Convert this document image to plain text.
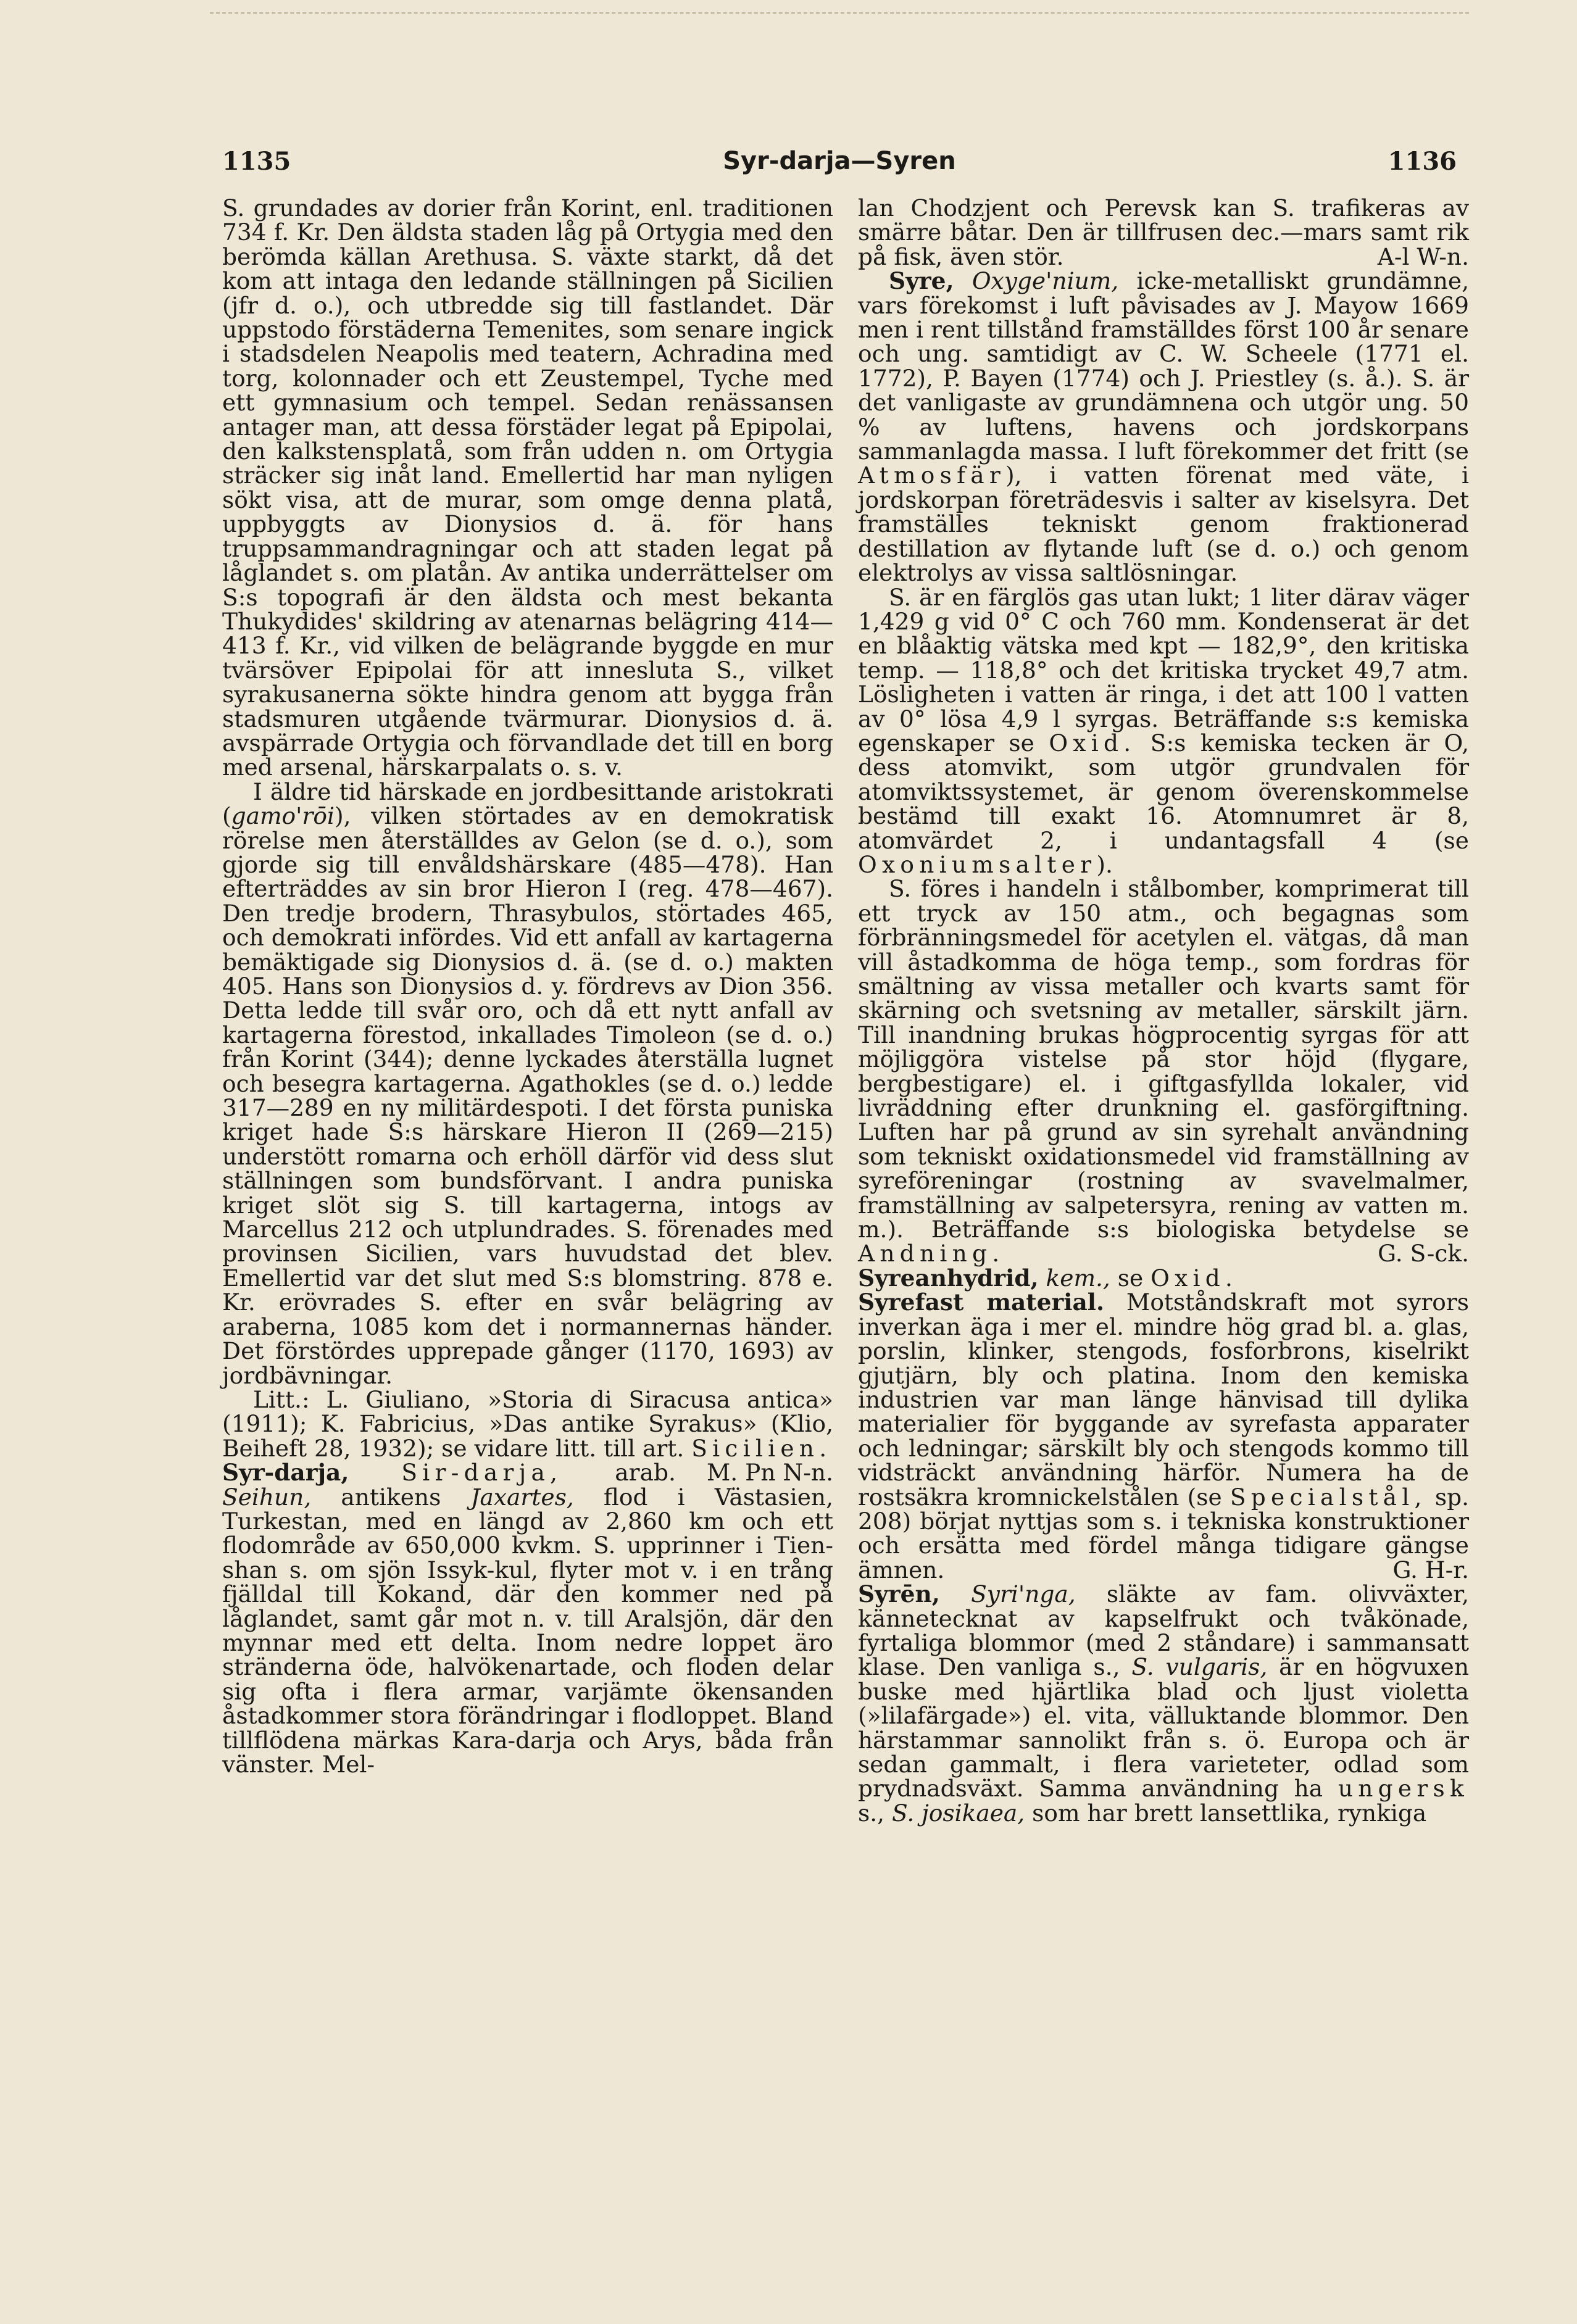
1135	Syr-darja—Syren	1136

S. grundades av dorier från Korint, enl. traditionen 734 f. Kr. Den äldsta staden låg på Ortygia med den berömda källan Arethusa. S. växte starkt, då det kom att intaga den ledande ställningen på Sicilien (jfr d. o.), och utbredde sig till fastlandet. Där uppstodo förstäderna Temenites, som senare ingick i stadsdelen Neapolis med teatern, Achradina med torg, kolonnader och ett Zeustempel, Tyche med ett gymnasium och tempel. Sedan renässansen antager man, att dessa förstäder legat på Epipolai, den kalkstensplatå, som från udden n. om Ortygia sträcker sig inåt land. Emellertid har man nyligen sökt visa, att de murar, som omge denna platå, uppbyggts av Dionysios d. ä. för hans truppsammandragningar och att staden legat på låglandet s. om platån. Av antika underrättelser om S:s topografi är den äldsta och mest bekanta Thukydides' skildring av atenarnas belägring 414—413 f. Kr., vid vilken de belägrande byggde en mur tvärsöver Epipolai för att innesluta S., vilket syrakusanerna sökte hindra genom att bygga från stadsmuren utgående tvärmurar. Dionysios d. ä. avspärrade Ortygia och förvandlade det till en borg med arsenal, härskarpalats o. s. v.

I äldre tid härskade en jordbesittande aristokrati (gamo'rōi), vilken störtades av en demokratisk rörelse men återställdes av Gelon (se d. o.), som gjorde sig till envåldshärskare (485—478). Han efterträddes av sin bror Hieron I (reg. 478—467). Den tredje brodern, Thrasybulos, störtades 465, och demokrati infördes. Vid ett anfall av kartagerna bemäktigade sig Dionysios d. ä. (se d. o.) makten 405. Hans son Dionysios d. y. fördrevs av Dion 356. Detta ledde till svår oro, och då ett nytt anfall av kartagerna förestod, inkallades Timoleon (se d. o.) från Korint (344); denne lyckades återställa lugnet och besegra kartagerna. Agathokles (se d. o.) ledde 317—289 en ny militärdespoti. I det första puniska kriget hade S:s härskare Hieron II (269—215) understött romarna och erhöll därför vid dess slut ställningen som bundsförvant. I andra puniska kriget slöt sig S. till kartagerna, intogs av Marcellus 212 och utplundrades. S. förenades med provinsen Sicilien, vars huvudstad det blev. Emellertid var det slut med S:s blomstring. 878 e. Kr. erövrades S. efter en svår belägring av araberna, 1085 kom det i normannernas händer. Det förstördes upprepade gånger (1170, 1693) av jordbävningar.

Litt.: L. Giuliano, »Storia di Siracusa antica» (1911); K. Fabricius, »Das antike Syrakus» (Klio, Beiheft 28, 1932); se vidare litt. till art. Sicilien.
M. Pn N-n.

Syr-darja, Sir-darja, arab. Seihun, antikens Jaxartes, flod i Västasien, Turkestan, med en längd av 2,860 km och ett flodområde av 650,000 kvkm. S. upprinner i Tien-shan s. om sjön Issyk-kul, flyter mot v. i en trång fjälldal till Kokand, där den kommer ned på låglandet, samt går mot n. v. till Aralsjön, där den mynnar med ett delta. Inom nedre loppet äro stränderna öde, halvökenartade, och floden delar sig ofta i flera armar, varjämte ökensanden åstadkommer stora förändringar i flodloppet. Bland tillflödena märkas Kara-darja och Arys, båda från vänster. Mel-

lan Chodzjent och Perevsk kan S. trafikeras av smärre båtar. Den är tillfrusen dec.—mars samt rik på fisk, även stör.	A-l W-n.

Syre, Oxyge'nium, icke-metalliskt grundämne, vars förekomst i luft påvisades av J. Mayow 1669 men i rent tillstånd framställdes först 100 år senare och ung. samtidigt av C. W. Scheele (1771 el. 1772), P. Bayen (1774) och J. Priestley (s. å.). S. är det vanligaste av grundämnena och utgör ung. 50 % av luftens, havens och jordskorpans sammanlagda massa. I luft förekommer det fritt (se Atmosfär), i vatten förenat med väte, i jordskorpan företrädesvis i salter av kiselsyra. Det framställes tekniskt genom fraktionerad destillation av flytande luft (se d. o.) och genom elektrolys av vissa saltlösningar.

S. är en färglös gas utan lukt; 1 liter därav väger 1,429 g vid 0° C och 760 mm. Kondenserat är det en blåaktig vätska med kpt — 182,9°, den kritiska temp. — 118,8° och det kritiska trycket 49,7 atm. Lösligheten i vatten är ringa, i det att 100 l vatten av 0° lösa 4,9 l syrgas. Beträffande s:s kemiska egenskaper se Oxid. S:s kemiska tecken är O, dess atomvikt, som utgör grundvalen för atomviktssystemet, är genom överenskommelse bestämd till exakt 16. Atomnumret är 8, atomvärdet 2, i undantagsfall 4 (se Oxoniumsalter).

S. föres i handeln i stålbomber, komprimerat till ett tryck av 150 atm., och begagnas som förbränningsmedel för acetylen el. vätgas, då man vill åstadkomma de höga temp., som fordras för smältning av vissa metaller och kvarts samt för skärning och svetsning av metaller, särskilt järn. Till inandning brukas högprocentig syrgas för att möjliggöra vistelse på stor höjd (flygare, bergbestigare) el. i giftgasfyllda lokaler, vid livräddning efter drunkning el. gasförgiftning. Luften har på grund av sin syrehalt användning som tekniskt oxidationsmedel vid framställning av syreföreningar (rostning av svavelmalmer, framställning av salpetersyra, rening av vatten m. m.). Beträffande s:s biologiska betydelse se Andning.	G. S-ck.

Syreanhydrid, kem., se Oxid.

Syrefast material. Motståndskraft mot syrors inverkan äga i mer el. mindre hög grad bl. a. glas, porslin, klinker, stengods, fosforbrons, kiselrikt gjutjärn, bly och platina. Inom den kemiska industrien var man länge hänvisad till dylika materialier för byggande av syrefasta apparater och ledningar; särskilt bly och stengods kommo till vidsträckt användning härför. Numera ha de rostsäkra kromnickelstålen (se Specialstål, sp. 208) börjat nyttjas som s. i tekniska konstruktioner och ersätta med fördel många tidigare gängse ämnen.	G. H-r.

Syrēn, Syri'nga, släkte av fam. olivväxter, kännetecknat av kapselfrukt och tvåkönade, fyrtaliga blommor (med 2 ståndare) i sammansatt klase. Den vanliga s., S. vulgaris, är en högvuxen buske med hjärtlika blad och ljust violetta (»lilafärgade») el. vita, välluktande blommor. Den härstammar sannolikt från s. ö. Europa och är sedan gammalt, i flera varieteter, odlad som prydnadsväxt. Samma användning ha ungersk s., S. josikaea, som har brett lansettlika, rynkiga
